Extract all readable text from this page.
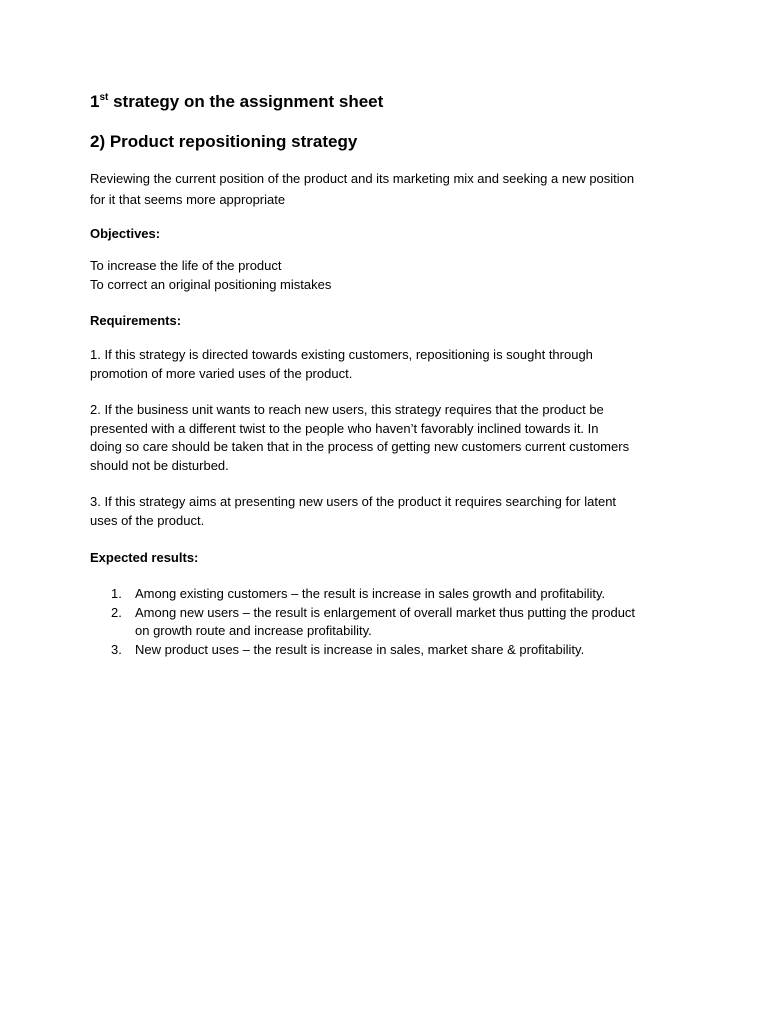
1st strategy on the assignment sheet

2) Product repositioning strategy

Reviewing the current position of the product and its marketing mix and seeking a new position

for it that seems more appropriate

Objectives:

To increase the life of the product

To correct an original positioning mistakes

Requirements:

1. If this strategy is directed towards existing customers, repositioning is sought through
promotion of more varied uses of the product.
2. If the business unit wants to reach new users, this strategy requires that the product be
presented with a different twist to the people who haven’t favorably inclined towards it. In
doing so care should be taken that in the process of getting new customers current customers
should not be disturbed.
3. If this strategy aims at presenting new users of the product it requires searching for latent
uses of the product.

Expected results:

1. Among existing customers – the result is increase in sales growth and profitability.
2. Among new users – the result is enlargement of overall market thus putting the product
on growth route and increase profitability.
3. New product uses – the result is increase in sales, market share & profitability.
